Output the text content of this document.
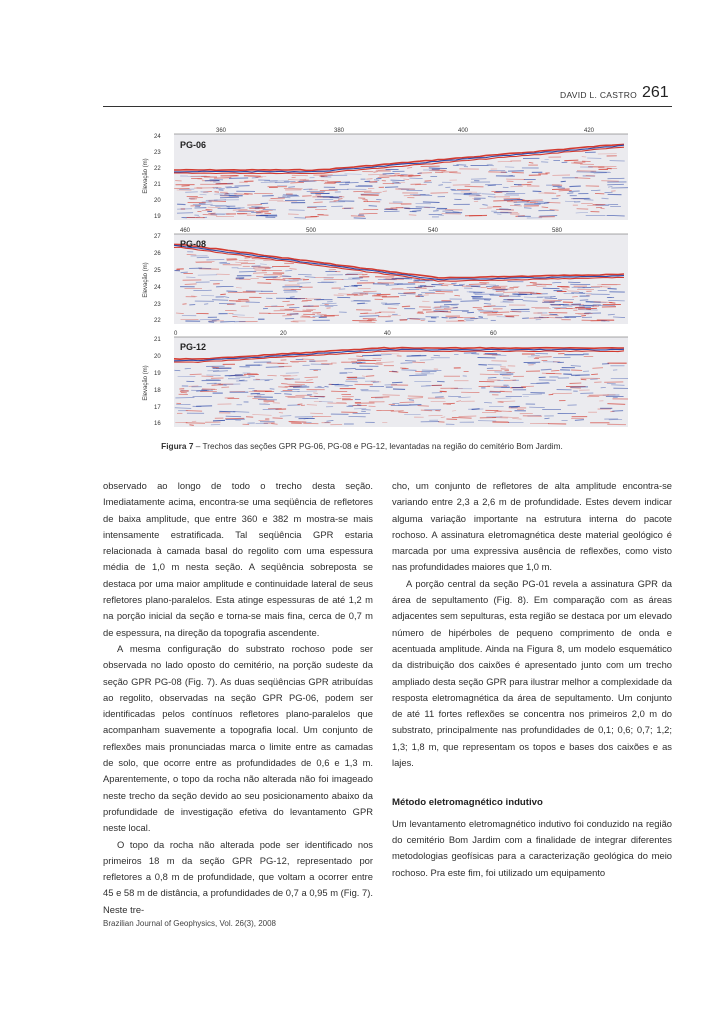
DAVID L. CASTRO 261
360	380	400	420
24
23
22
21
20
19
Elevação (m)
PG-06
460	500	540	580
27
26
25
24
23
22
Elevação (m)
PG-08
0	20	40	60
21
20
19
18
17
16
Elevação (m)
PG-12
Figura 7 – Trechos das seções GPR PG-06, PG-08 e PG-12, levantadas na região do cemitério Bom Jardim.

observado ao longo de todo o trecho desta seção. Imediatamente acima, encontra-se uma seqüência de refletores de baixa amplitude, que entre 360 e 382 m mostra-se mais intensamente estratificada. Tal seqüência GPR estaria relacionada à camada basal do regolito com uma espessura média de 1,0 m nesta seção. A seqüência sobreposta se destaca por uma maior amplitude e continuidade lateral de seus refletores plano-paralelos. Esta atinge espessuras de até 1,2 m na porção inicial da seção e torna-se mais fina, cerca de 0,7 m de espessura, na direção da topografia ascendente.

A mesma configuração do substrato rochoso pode ser observada no lado oposto do cemitério, na porção sudeste da seção GPR PG-08 (Fig. 7). As duas seqüências GPR atribuídas ao regolito, observadas na seção GPR PG-06, podem ser identificadas pelos contínuos refletores plano-paralelos que acompanham suavemente a topografia local. Um conjunto de reflexões mais pronunciadas marca o limite entre as camadas de solo, que ocorre entre as profundidades de 0,6 e 1,3 m. Aparentemente, o topo da rocha não alterada não foi imageado neste trecho da seção devido ao seu posicionamento abaixo da profundidade de investigação efetiva do levantamento GPR neste local.

O topo da rocha não alterada pode ser identificado nos primeiros 18 m da seção GPR PG-12, representado por refletores a 0,8 m de profundidade, que voltam a ocorrer entre 45 e 58 m de distância, a profundidades de 0,7 a 0,95 m (Fig. 7). Neste tre-

cho, um conjunto de refletores de alta amplitude encontra-se variando entre 2,3 a 2,6 m de profundidade. Estes devem indicar alguma variação importante na estrutura interna do pacote rochoso. A assinatura eletromagnética deste material geológico é marcada por uma expressiva ausência de reflexões, como visto nas profundidades maiores que 1,0 m.

A porção central da seção PG-01 revela a assinatura GPR da área de sepultamento (Fig. 8). Em comparação com as áreas adjacentes sem sepulturas, esta região se destaca por um elevado número de hipérboles de pequeno comprimento de onda e acentuada amplitude. Ainda na Figura 8, um modelo esquemático da distribuição dos caixões é apresentado junto com um trecho ampliado desta seção GPR para ilustrar melhor a complexidade da resposta eletromagnética da área de sepultamento. Um conjunto de até 11 fortes reflexões se concentra nos primeiros 2,0 m do substrato, principalmente nas profundidades de 0,1; 0,6; 0,7; 1,2; 1,3; 1,8 m, que representam os topos e bases dos caixões e as lajes.

Método eletromagnético indutivo

Um levantamento eletromagnético indutivo foi conduzido na região do cemitério Bom Jardim com a finalidade de integrar diferentes metodologias geofísicas para a caracterização geológica do meio rochoso. Pra este fim, foi utilizado um equipamento

Brazilian Journal of Geophysics, Vol. 26(3), 2008
